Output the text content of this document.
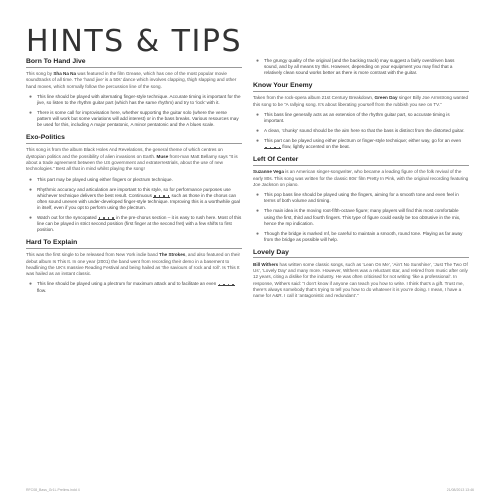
HINTS & TIPS
Born To Hand Jive

This song by Sha Na Na was featured in the film Grease, which has one of the most popular movie soundtracks of all time. The ‘hand jive’ is a 50s’ dance which involves clapping, thigh slapping and other hand moves, which normally follow the percussion line of the song.

● This line should be played with alternating finger-style technique. Accurate timing is important for the jive, so listen to the rhythm guitar part (which has the same rhythm) and try to ‘lock’ with it.
● There is some call for improvisation here, whether supporting the guitar solo (where the verse pattern will work but some variations will add interest) or in the bass breaks. Various resources may be used for this, including A major pentatonic, A minor pentatonic and the A blues scale.
Exo-Politics

This song is from the album Black Holes And Revelations, the general theme of which centres on dystopian politics and the possibility of alien invasions on Earth. Muse front-man Matt Bellamy says “It is about a trade agreement between the US government and extraterrestrials, about the use of new technologies.” Best all that in mind whilst playing the song!

● This part may be played using either fingers or plectrum technique.
● Rhythmic accuracy and articulation are important to this style, so for performance purposes use whichever technique delivers the best result. Continuous	such as those in the chorus can often sound uneven with under-developed finger-style technique. Improving this is a worthwhile goal in itself, even if you opt to perform using the plectrum.
● Watch out for the syncopated	in the pre-chorus section – it is easy to rush here. Most of this line can be played in strict second position (first finger at the second fret) with a few shifts to first position.
Hard To Explain

This was the first single to be released from New York indie band The Strokes, and also featured on their debut album Is This It. In one year (2001) the band went from recording their demo in a basement to headlining the UK’s massive Reading Festival and being hailed as ‘the saviours of rock and roll’. Is This It was hailed as an instant classic.

● This line should be played using a plectrum for maximum attack and to facilitate an even
flow.
● The grungy quality of the original (and the backing track) may suggest a fairly overdriven bass sound, and by all means try this. However, depending on your equipment you may find that a relatively clean sound works better as there is more contrast with the guitar.
Know Your Enemy

Taken from the rock-opera album 21st Century Breakdown, Green Day singer Billy Joe Armstrong wanted this song to be “A rallying song. It’s about liberating yourself from the rubbish you see on TV.”

● This bass line generally acts as an extension of the rhythm guitar part, so accurate timing is important.
● A clean, ‘chunky’ sound should be the aim here so that the bass is distinct from the distorted guitar.
● This part can be played using either plectrum or finger-style technique; either way, go for an even
flow, lightly accented on the beat.
Left Of Center

Suzanne Vega is an American singer-songwriter, who became a leading figure of the folk revival of the early 80s. This song was written for the classic 80s’ film Pretty In Pink, with the original recording featuring Joe Jackson on piano.

● This pop bass line should be played using the fingers, aiming for a smooth tone and even feel in terms of both volume and timing.
● The main idea is the moving root-fifth-octave figure; many players will find this most comfortable using the first, third and fourth fingers. This type of figure could easily be too obtrusive in the mix, hence the mp indication.
● Though the bridge is marked mf, be careful to maintain a smooth, round tone. Playing as far away from the bridge as possible will help.
Lovely Day

Bill Withers has written some classic songs, such as ‘Lean On Me’, ‘Ain’t No Sunshine’, ‘Just The Two Of Us’, ‘Lovely Day’ and many more. However, Withers was a reluctant star, and retired from music after only 12 years, citing a dislike for the industry. He was often criticised for not writing ‘like a professional’. In response, Withers said: “I don’t know if anyone can teach you how to write. I think that’s a gift. Trust me, there’s always somebody that’s trying to tell you how to do whatever it is you’re doing. I mean, I have a name for A&R. I call it ‘antagonistic and redundant’.”

RFC08_Bass_Gr1L.Prelims.indd 4	21/08/2013 13:46
